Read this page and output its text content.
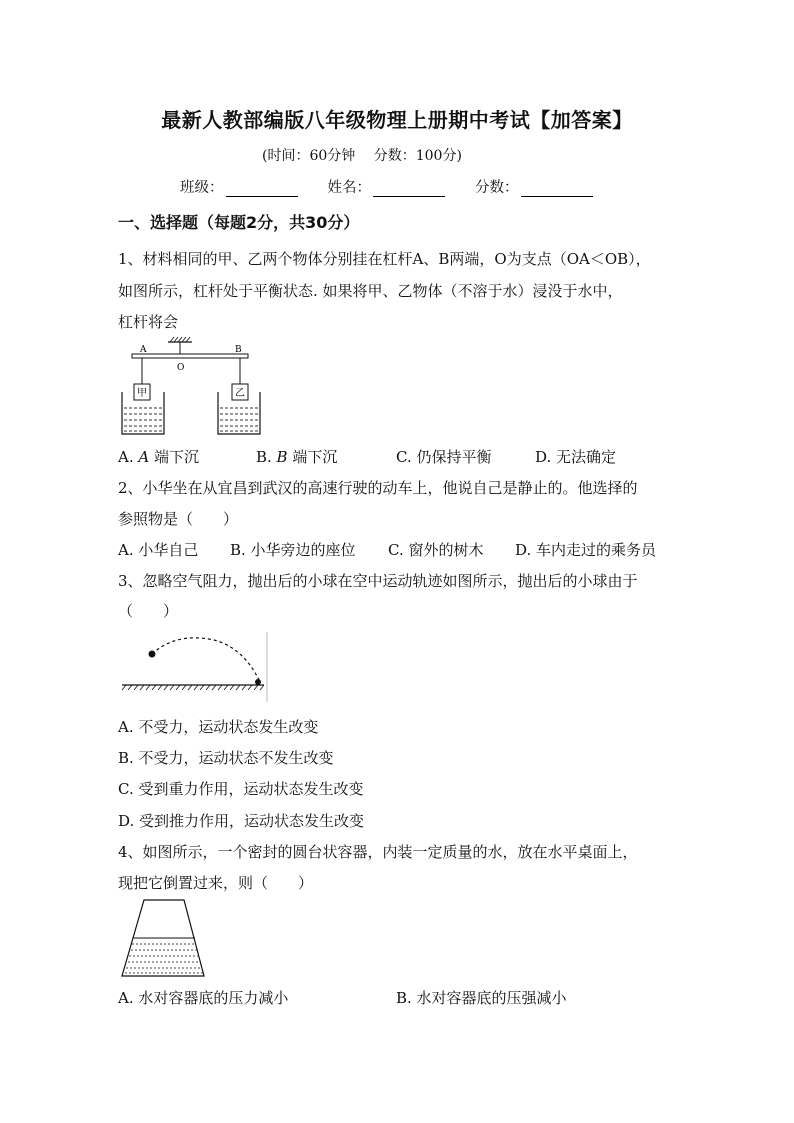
最新人教部编版八年级物理上册期中考试【加答案】
(时间：60分钟　 分数：100分)
班级：	姓名：	分数：
一、选择题（每题2分，共30分）
1、材料相同的甲、乙两个物体分别挂在杠杆A、B两端，O为支点（OA＜OB），
如图所示，杠杆处于平衡状态. 如果将甲、乙物体（不溶于水）浸没于水中，
杠杆将会
A	B
O
甲	乙
A. 𝐴 端下沉	B. 𝐵 端下沉	C. 仍保持平衡	D. 无法确定
2、小华坐在从宜昌到武汉的高速行驶的动车上，他说自己是静止的。他选择的
参照物是（　　）
A. 小华自己 B. 小华旁边的座位 C. 窗外的树木 D. 车内走过的乘务员
3、忽略空气阻力，抛出后的小球在空中运动轨迹如图所示，抛出后的小球由于
（　　）
A. 不受力，运动状态发生改变
B. 不受力，运动状态不发生改变
C. 受到重力作用，运动状态发生改变
D. 受到推力作用，运动状态发生改变
4、如图所示，一个密封的圆台状容器，内装一定质量的水，放在水平桌面上，
现把它倒置过来，则（　　）
A. 水对容器底的压力减小	B. 水对容器底的压强减小
